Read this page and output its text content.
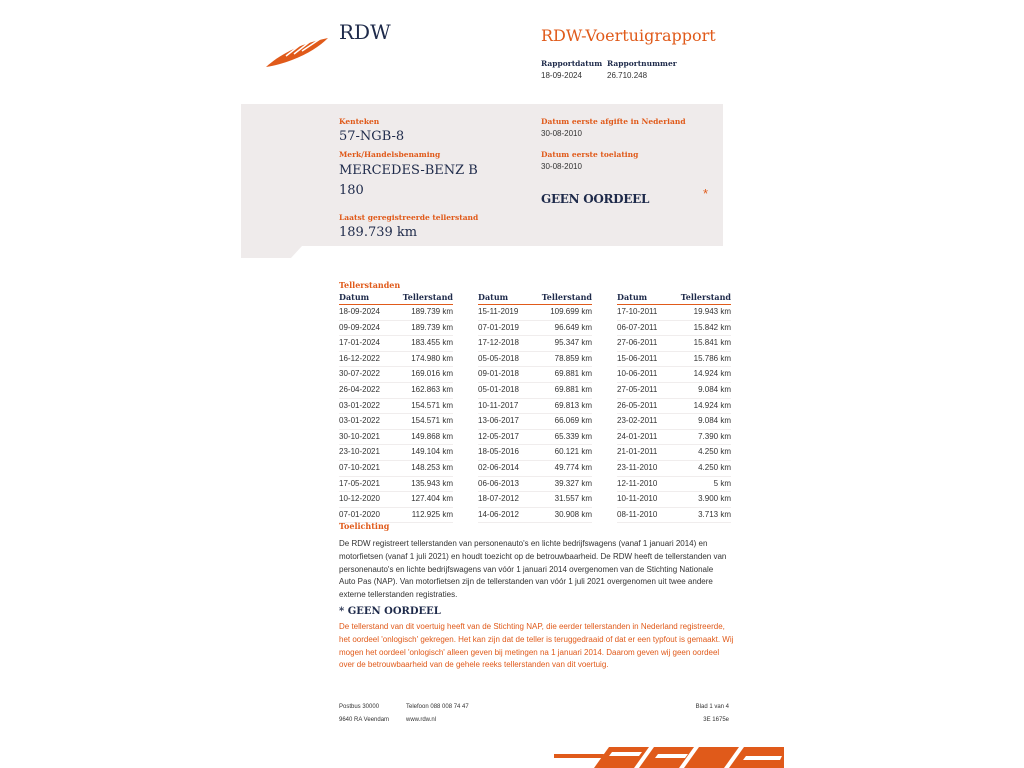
RDW	RDW-Voertuigrapport
Rapportdatum
18-09-2024
Rapportnummer
26.710.248
Kenteken
57-NGB-8
Merk/Handelsbenaming
MERCEDES-BENZ B
180
Laatst geregistreerde tellerstand
189.739 km
Datum eerste afgifte in Nederland
30-08-2010
Datum eerste toelating
30-08-2010
GEEN OORDEEL	*
Tellerstanden
Datum	Tellerstand
18-09-2024	189.739 km
09-09-2024	189.739 km
17-01-2024	183.455 km
16-12-2022	174.980 km
30-07-2022	169.016 km
26-04-2022	162.863 km
03-01-2022	154.571 km
03-01-2022	154.571 km
30-10-2021	149.868 km
23-10-2021	149.104 km
07-10-2021	148.253 km
17-05-2021	135.943 km
10-12-2020	127.404 km
07-01-2020	112.925 km
Datum	Tellerstand
15-11-2019	109.699 km
07-01-2019	96.649 km
17-12-2018	95.347 km
05-05-2018	78.859 km
09-01-2018	69.881 km
05-01-2018	69.881 km
10-11-2017	69.813 km
13-06-2017	66.069 km
12-05-2017	65.339 km
18-05-2016	60.121 km
02-06-2014	49.774 km
06-06-2013	39.327 km
18-07-2012	31.557 km
14-06-2012	30.908 km
Datum	Tellerstand
17-10-2011	19.943 km
06-07-2011	15.842 km
27-06-2011	15.841 km
15-06-2011	15.786 km
10-06-2011	14.924 km
27-05-2011	9.084 km
26-05-2011	14.924 km
23-02-2011	9.084 km
24-01-2011	7.390 km
21-01-2011	4.250 km
23-11-2010	4.250 km
12-11-2010	5 km
10-11-2010	3.900 km
08-11-2010	3.713 km
Toelichting
De RDW registreert tellerstanden van personenauto's en lichte bedrijfswagens (vanaf 1 januari 2014) en motorfietsen (vanaf 1 juli 2021) en houdt toezicht op de betrouwbaarheid. De RDW heeft de tellerstanden van personenauto's en lichte bedrijfswagens van vóór 1 januari 2014 overgenomen van de Stichting Nationale Auto Pas (NAP). Van motorfietsen zijn de tellerstanden van vóór 1 juli 2021 overgenomen uit twee andere externe tellerstanden registraties.
* GEEN OORDEEL
De tellerstand van dit voertuig heeft van de Stichting NAP, die eerder tellerstanden in Nederland registreerde, het oordeel 'onlogisch' gekregen. Het kan zijn dat de teller is teruggedraaid of dat er een typfout is gemaakt. Wij mogen het oordeel 'onlogisch' alleen geven bij metingen na 1 januari 2014. Daarom geven wij geen oordeel over de betrouwbaarheid van de gehele reeks tellerstanden van dit voertuig.
Postbus 30000
9640 RA Veendam
Telefoon 088 008 74 47
www.rdw.nl
Blad 1 van 4
3E 1675e
